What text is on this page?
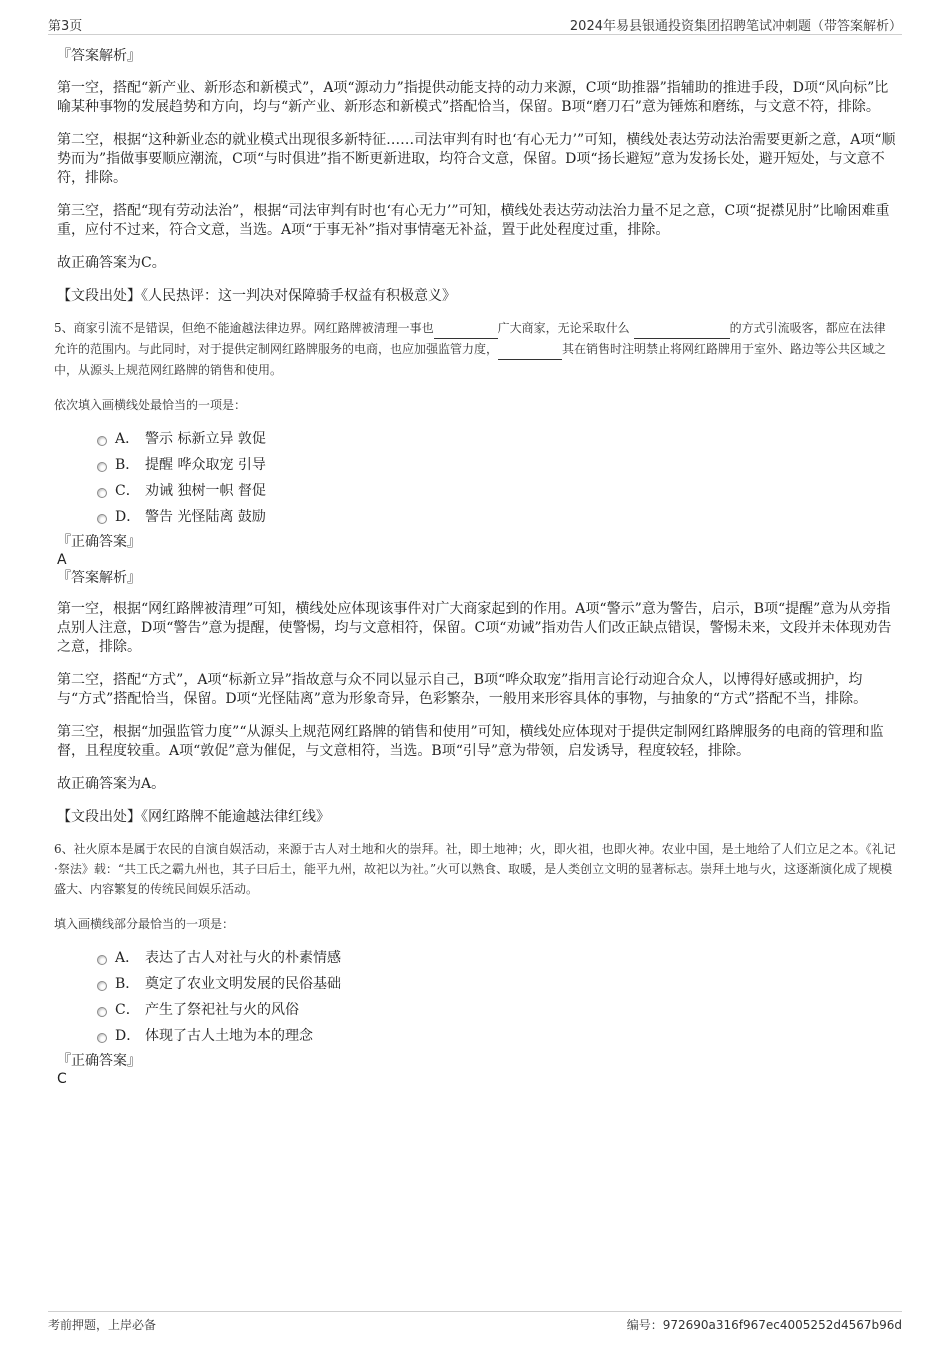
第3页	2024年易县银通投资集团招聘笔试冲刺题（带答案解析）

『答案解析』

第一空，搭配“新产业、新形态和新模式”，A项“源动力”指提供动能支持的动力来源，C项“助推器”指辅助的推进手段，D项“风向标”比喻某种事物的发展趋势和方向，均与“新产业、新形态和新模式”搭配恰当，保留。B项“磨刀石”意为锤炼和磨练，与文意不符，排除。

第二空，根据“这种新业态的就业模式出现很多新特征……司法审判有时也‘有心无力’”可知，横线处表达劳动法治需要更新之意，A项“顺势而为”指做事要顺应潮流，C项“与时俱进”指不断更新进取，均符合文意，保留。D项“扬长避短”意为发扬长处，避开短处，与文意不符，排除。

第三空，搭配“现有劳动法治”，根据“司法审判有时也‘有心无力’”可知，横线处表达劳动法治力量不足之意，C项“捉襟见肘”比喻困难重重，应付不过来，符合文意，当选。A项“于事无补”指对事情毫无补益，置于此处程度过重，排除。

故正确答案为C。

【文段出处】《人民热评：这一判决对保障骑手权益有积极意义》

5、商家引流不是错误，但绝不能逾越法律边界。网红路牌被清理一事也	广大商家，无论采取什么	的方式引流吸客，都应在法律允许的范围内。与此同时，对于提供定制网红路牌服务的电商，也应加强监管力度，	其在销售时注明禁止将网红路牌用于室外、路边等公共区域之中，从源头上规范网红路牌的销售和使用。

依次填入画横线处最恰当的一项是：

A． 警示 标新立异 敦促
B． 提醒 哗众取宠 引导
C． 劝诫 独树一帜 督促
D． 警告 光怪陆离 鼓励

『正确答案』

A

『答案解析』

第一空，根据“网红路牌被清理”可知，横线处应体现该事件对广大商家起到的作用。A项“警示”意为警告，启示，B项“提醒”意为从旁指点别人注意，D项“警告”意为提醒，使警惕，均与文意相符，保留。C项“劝诫”指劝告人们改正缺点错误，警惕未来，文段并未体现劝告之意，排除。

第二空，搭配“方式”，A项“标新立异”指故意与众不同以显示自己，B项“哗众取宠”指用言论行动迎合众人，以博得好感或拥护，均与“方式”搭配恰当，保留。D项“光怪陆离”意为形象奇异，色彩繁杂，一般用来形容具体的事物，与抽象的“方式”搭配不当，排除。

第三空，根据“加强监管力度”“从源头上规范网红路牌的销售和使用”可知，横线处应体现对于提供定制网红路牌服务的电商的管理和监督，且程度较重。A项“敦促”意为催促，与文意相符，当选。B项“引导”意为带领，启发诱导，程度较轻，排除。

故正确答案为A。

【文段出处】《网红路牌不能逾越法律红线》

6、社火原本是属于农民的自演自娱活动，来源于古人对土地和火的崇拜。社，即土地神；火，即火祖，也即火神。农业中国，是土地给了人们立足之本。《礼记·祭法》载：“共工氏之霸九州也，其子曰后土，能平九州，故祀以为社。”火可以熟食、取暖，是人类创立文明的显著标志。崇拜土地与火，这逐渐演化成了规模盛大、内容繁复的传统民间娱乐活动。

填入画横线部分最恰当的一项是：

A． 表达了古人对社与火的朴素情感
B． 奠定了农业文明发展的民俗基础
C． 产生了祭祀社与火的风俗
D． 体现了古人土地为本的理念

『正确答案』

C

考前押题，上岸必备	编号：972690a316f967ec4005252d4567b96d
